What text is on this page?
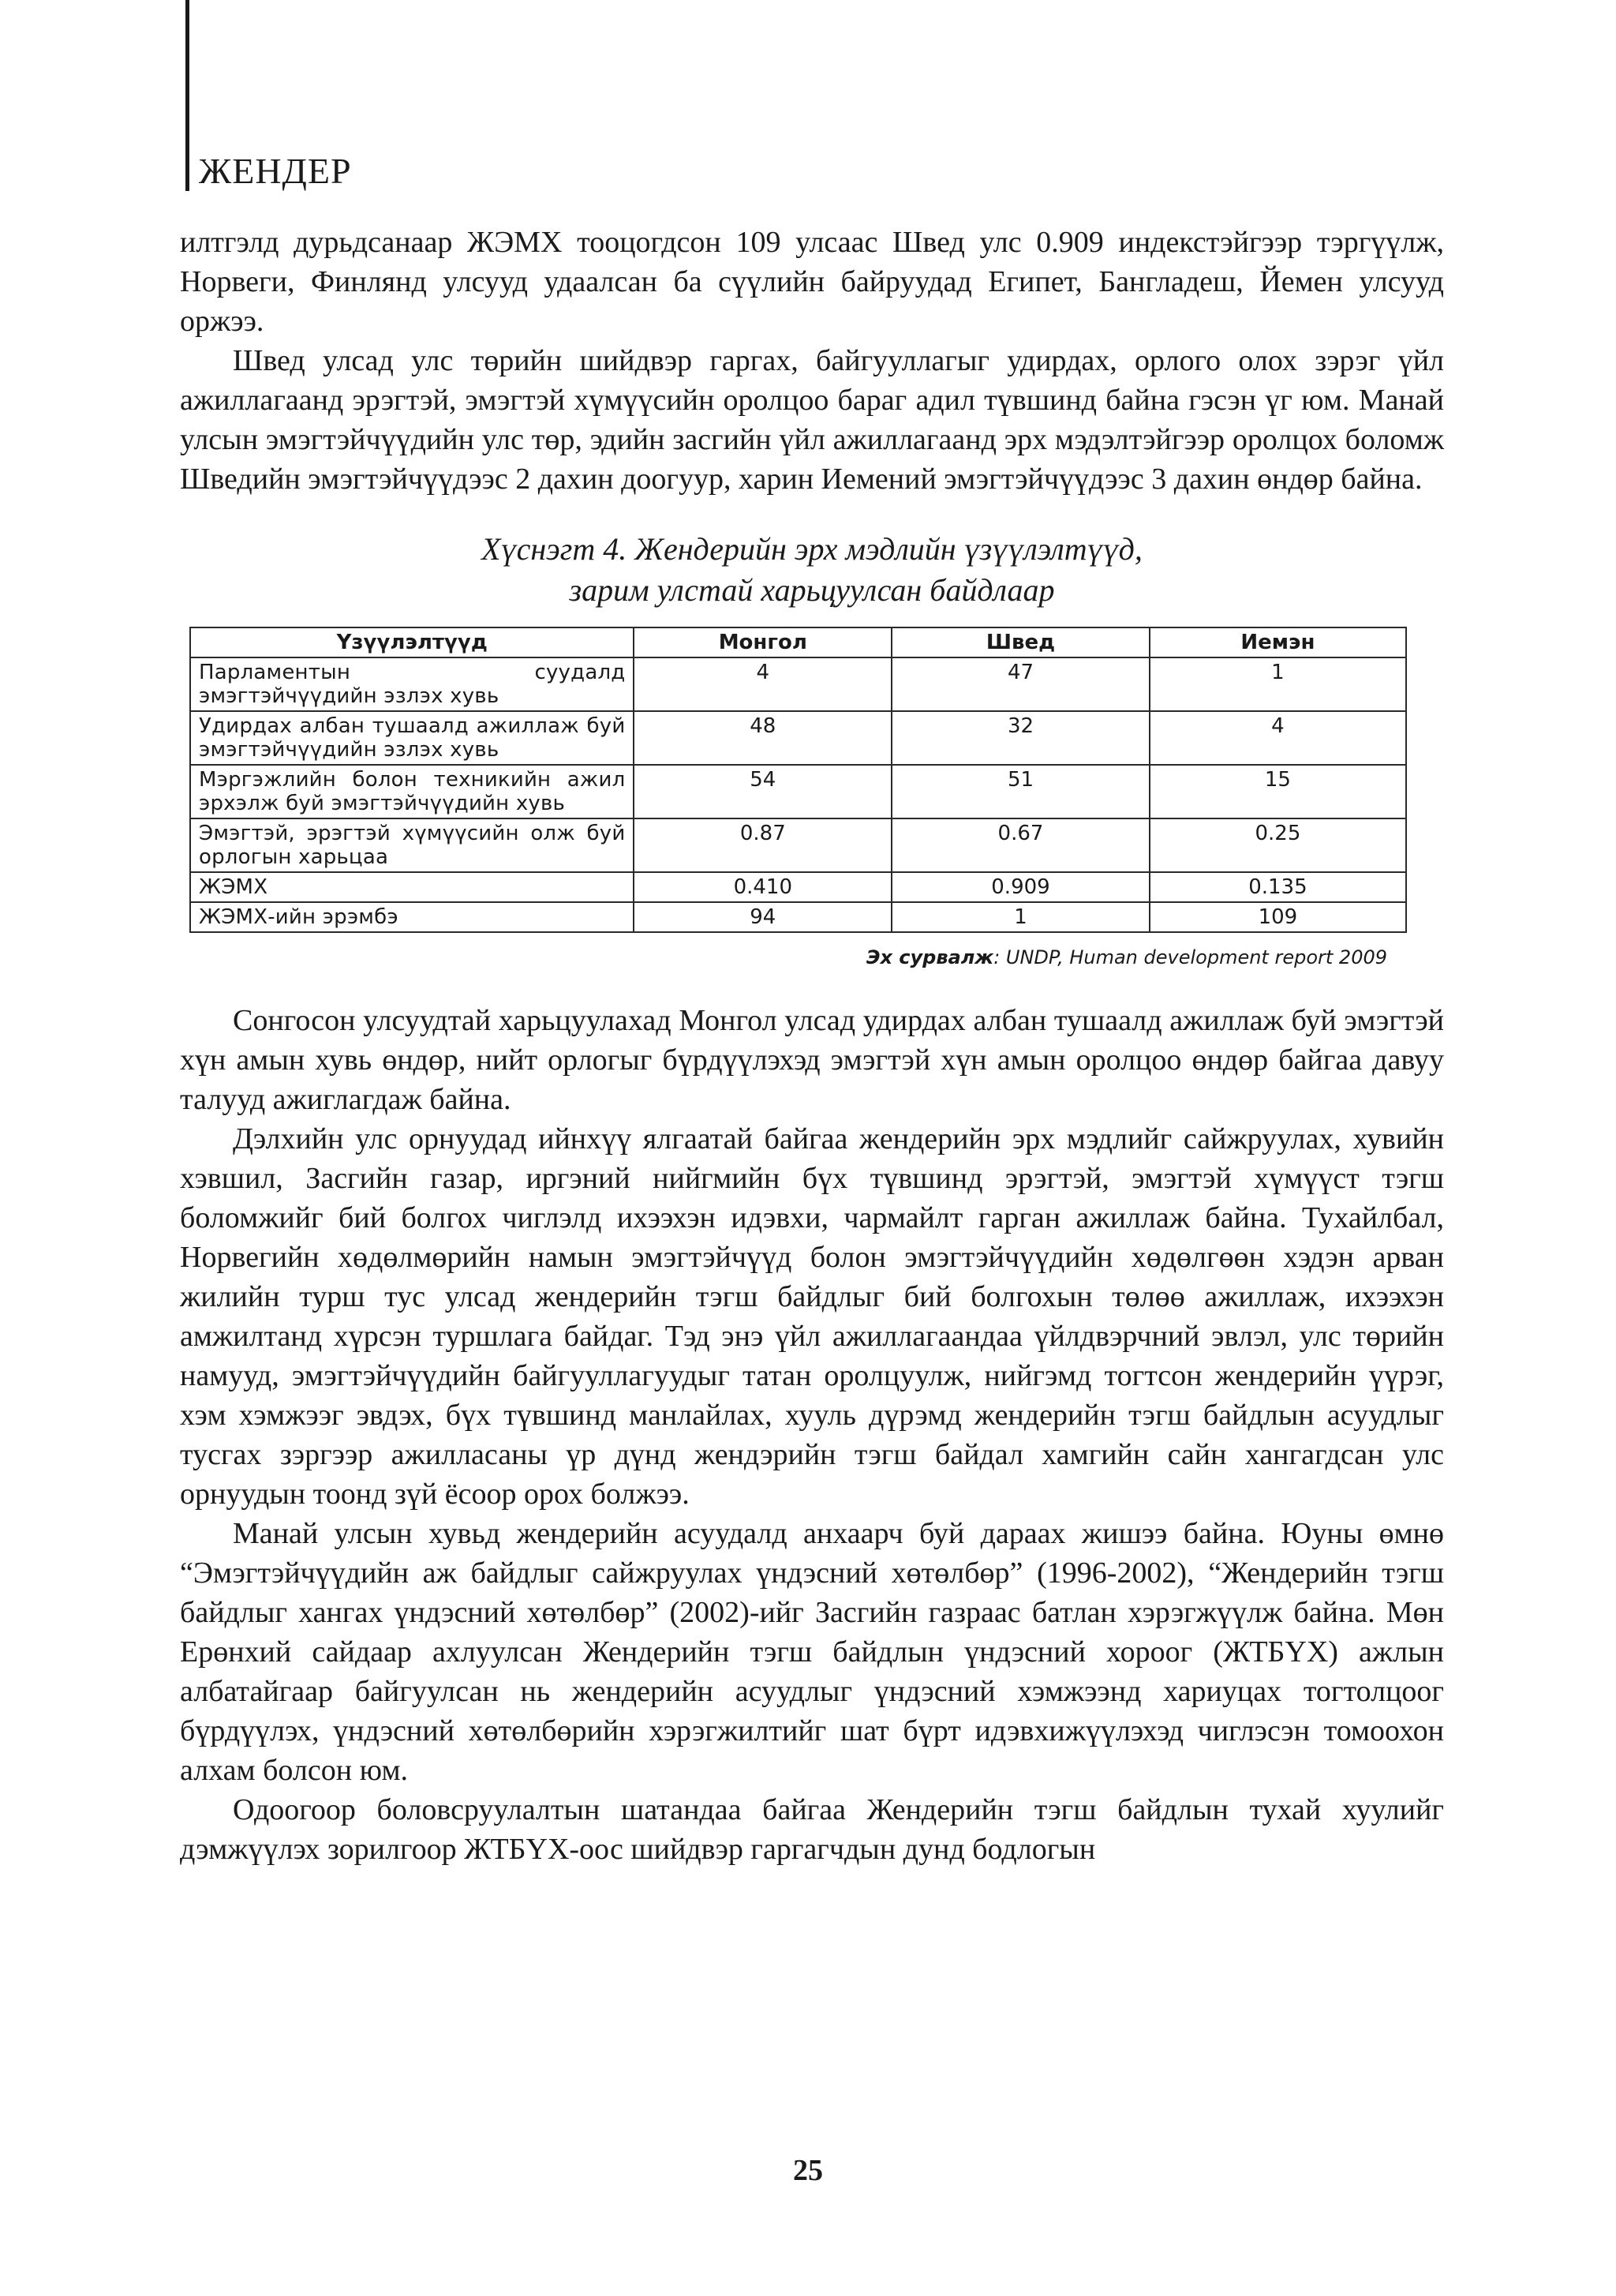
ЖЕНДЕР

илтгэлд дурьдсанаар ЖЭМХ тооцогдсон 109 улсаас Швед улс 0.909 индекстэйгээр тэргүүлж, Норвеги, Финлянд улсууд удаалсан ба сүүлийн байруудад Египет, Бангладеш, Йемен улсууд оржээ.

Швед улсад улс төрийн шийдвэр гаргах, байгууллагыг удирдах, орлого олох зэрэг үйл ажиллагаанд эрэгтэй, эмэгтэй хүмүүсийн оролцоо бараг адил түвшинд байна гэсэн үг юм. Манай улсын эмэгтэйчүүдийн улс төр, эдийн засгийн үйл ажиллагаанд эрх мэдэлтэйгээр оролцох боломж Шведийн эмэгтэйчүүдээс 2 дахин доогуур, харин Иемений эмэгтэйчүүдээс 3 дахин өндөр байна.

Хүснэгт 4. Жендерийн эрх мэдлийн үзүүлэлтүүд,
зарим улстай харьцуулсан байдлаар
Үзүүлэлтүүд	Монгол	Швед	Иемэн
Парламентын суудалд эмэгтэйчүүдийн эзлэх хувь	4	47	1
Удирдах албан тушаалд ажиллаж буй эмэгтэйчүүдийн эзлэх хувь	48	32	4
Мэргэжлийн болон техникийн ажил эрхэлж буй эмэгтэйчүүдийн хувь	54	51	15
Эмэгтэй, эрэгтэй хүмүүсийн олж буй орлогын харьцаа	0.87	0.67	0.25
ЖЭМХ	0.410	0.909	0.135
ЖЭМХ-ийн эрэмбэ	94	1	109
Эх сурвалж: UNDP, Human development report 2009

Сонгосон улсуудтай харьцуулахад Монгол улсад удирдах албан тушаалд ажиллаж буй эмэгтэй хүн амын хувь өндөр, нийт орлогыг бүрдүүлэхэд эмэгтэй хүн амын оролцоо өндөр байгаа давуу талууд ажиглагдаж байна.

Дэлхийн улс орнуудад ийнхүү ялгаатай байгаа жендерийн эрх мэдлийг сайжруулах, хувийн хэвшил, Засгийн газар, иргэний нийгмийн бүх түвшинд эрэгтэй, эмэгтэй хүмүүст тэгш боломжийг бий болгох чиглэлд ихээхэн идэвхи, чармайлт гарган ажиллаж байна. Тухайлбал, Норвегийн хөдөлмөрийн намын эмэгтэйчүүд болон эмэгтэйчүүдийн хөдөлгөөн хэдэн арван жилийн турш тус улсад жендерийн тэгш байдлыг бий болгохын төлөө ажиллаж, ихээхэн амжилтанд хүрсэн туршлага байдаг. Тэд энэ үйл ажиллагаандаа үйлдвэрчний эвлэл, улс төрийн намууд, эмэгтэйчүүдийн байгууллагуудыг татан оролцуулж, нийгэмд тогтсон жендерийн үүрэг, хэм хэмжээг эвдэх, бүх түвшинд манлайлах, хууль дүрэмд жендерийн тэгш байдлын асуудлыг тусгах зэргээр ажилласаны үр дүнд жендэрийн тэгш байдал хамгийн сайн хангагдсан улс орнуудын тоонд зүй ёсоор орох болжээ.

Манай улсын хувьд жендерийн асуудалд анхаарч буй дараах жишээ байна. Юуны өмнө “Эмэгтэйчүүдийн аж байдлыг сайжруулах үндэсний хөтөлбөр” (1996-2002), “Жендерийн тэгш байдлыг хангах үндэсний хөтөлбөр” (2002)-ийг Засгийн газраас батлан хэрэгжүүлж байна. Мөн Ерөнхий сайдаар ахлуулсан Жендерийн тэгш байдлын үндэсний хороог (ЖТБҮХ) ажлын албатайгаар байгуулсан нь жендерийн асуудлыг үндэсний хэмжээнд хариуцах тогтолцоог бүрдүүлэх, үндэсний хөтөлбөрийн хэрэгжилтийг шат бүрт идэвхижүүлэхэд чиглэсэн томоохон алхам болсон юм.

Одоогоор боловсруулалтын шатандаа байгаа Жендерийн тэгш байдлын тухай хуулийг дэмжүүлэх зорилгоор ЖТБҮХ-оос шийдвэр гаргагчдын дунд бодлогын

25
